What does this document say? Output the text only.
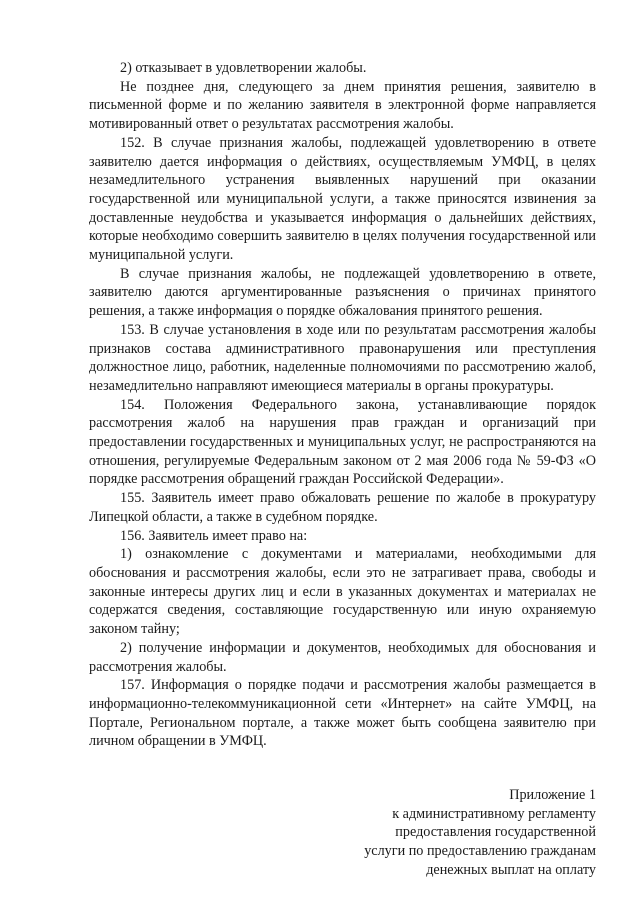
2) отказывает в удовлетворении жалобы.

Не позднее дня, следующего за днем принятия решения, заявителю в письменной форме и по желанию заявителя в электронной форме направляется мотивированный ответ о результатах рассмотрения жалобы.

152. В случае признания жалобы, подлежащей удовлетворению в ответе заявителю дается информация о действиях, осуществляемым УМФЦ, в целях незамедлительного устранения выявленных нарушений при оказании государственной или муниципальной услуги, а также приносятся извинения за доставленные неудобства и указывается информация о дальнейших действиях, которые необходимо совершить заявителю в целях получения государственной или муниципальной услуги.

В случае признания жалобы, не подлежащей удовлетворению в ответе, заявителю даются аргументированные разъяснения о причинах принятого решения, а также информация о порядке обжалования принятого решения.

153. В случае установления в ходе или по результатам рассмотрения жалобы признаков состава административного правонарушения или преступления должностное лицо, работник, наделенные полномочиями по рассмотрению жалоб, незамедлительно направляют имеющиеся материалы в органы прокуратуры.

154. Положения Федерального закона, устанавливающие порядок рассмотрения жалоб на нарушения прав граждан и организаций при предоставлении государственных и муниципальных услуг, не распространяются на отношения, регулируемые Федеральным законом от 2 мая 2006 года № 59-ФЗ «О порядке рассмотрения обращений граждан Российской Федерации».

155. Заявитель имеет право обжаловать решение по жалобе в прокуратуру Липецкой области, а также в судебном порядке.

156. Заявитель имеет право на:

1) ознакомление с документами и материалами, необходимыми для обоснования и рассмотрения жалобы, если это не затрагивает права, свободы и законные интересы других лиц и если в указанных документах и материалах не содержатся сведения, составляющие государственную или иную охраняемую законом тайну;

2) получение информации и документов, необходимых для обоснования и рассмотрения жалобы.

157. Информация о порядке подачи и рассмотрения жалобы размещается в информационно-телекоммуникационной сети «Интернет» на сайте УМФЦ, на Портале, Региональном портале, а также может быть сообщена заявителю при личном обращении в УМФЦ.

Приложение 1
к административному регламенту
предоставления государственной
услуги по предоставлению гражданам
денежных выплат на оплату
